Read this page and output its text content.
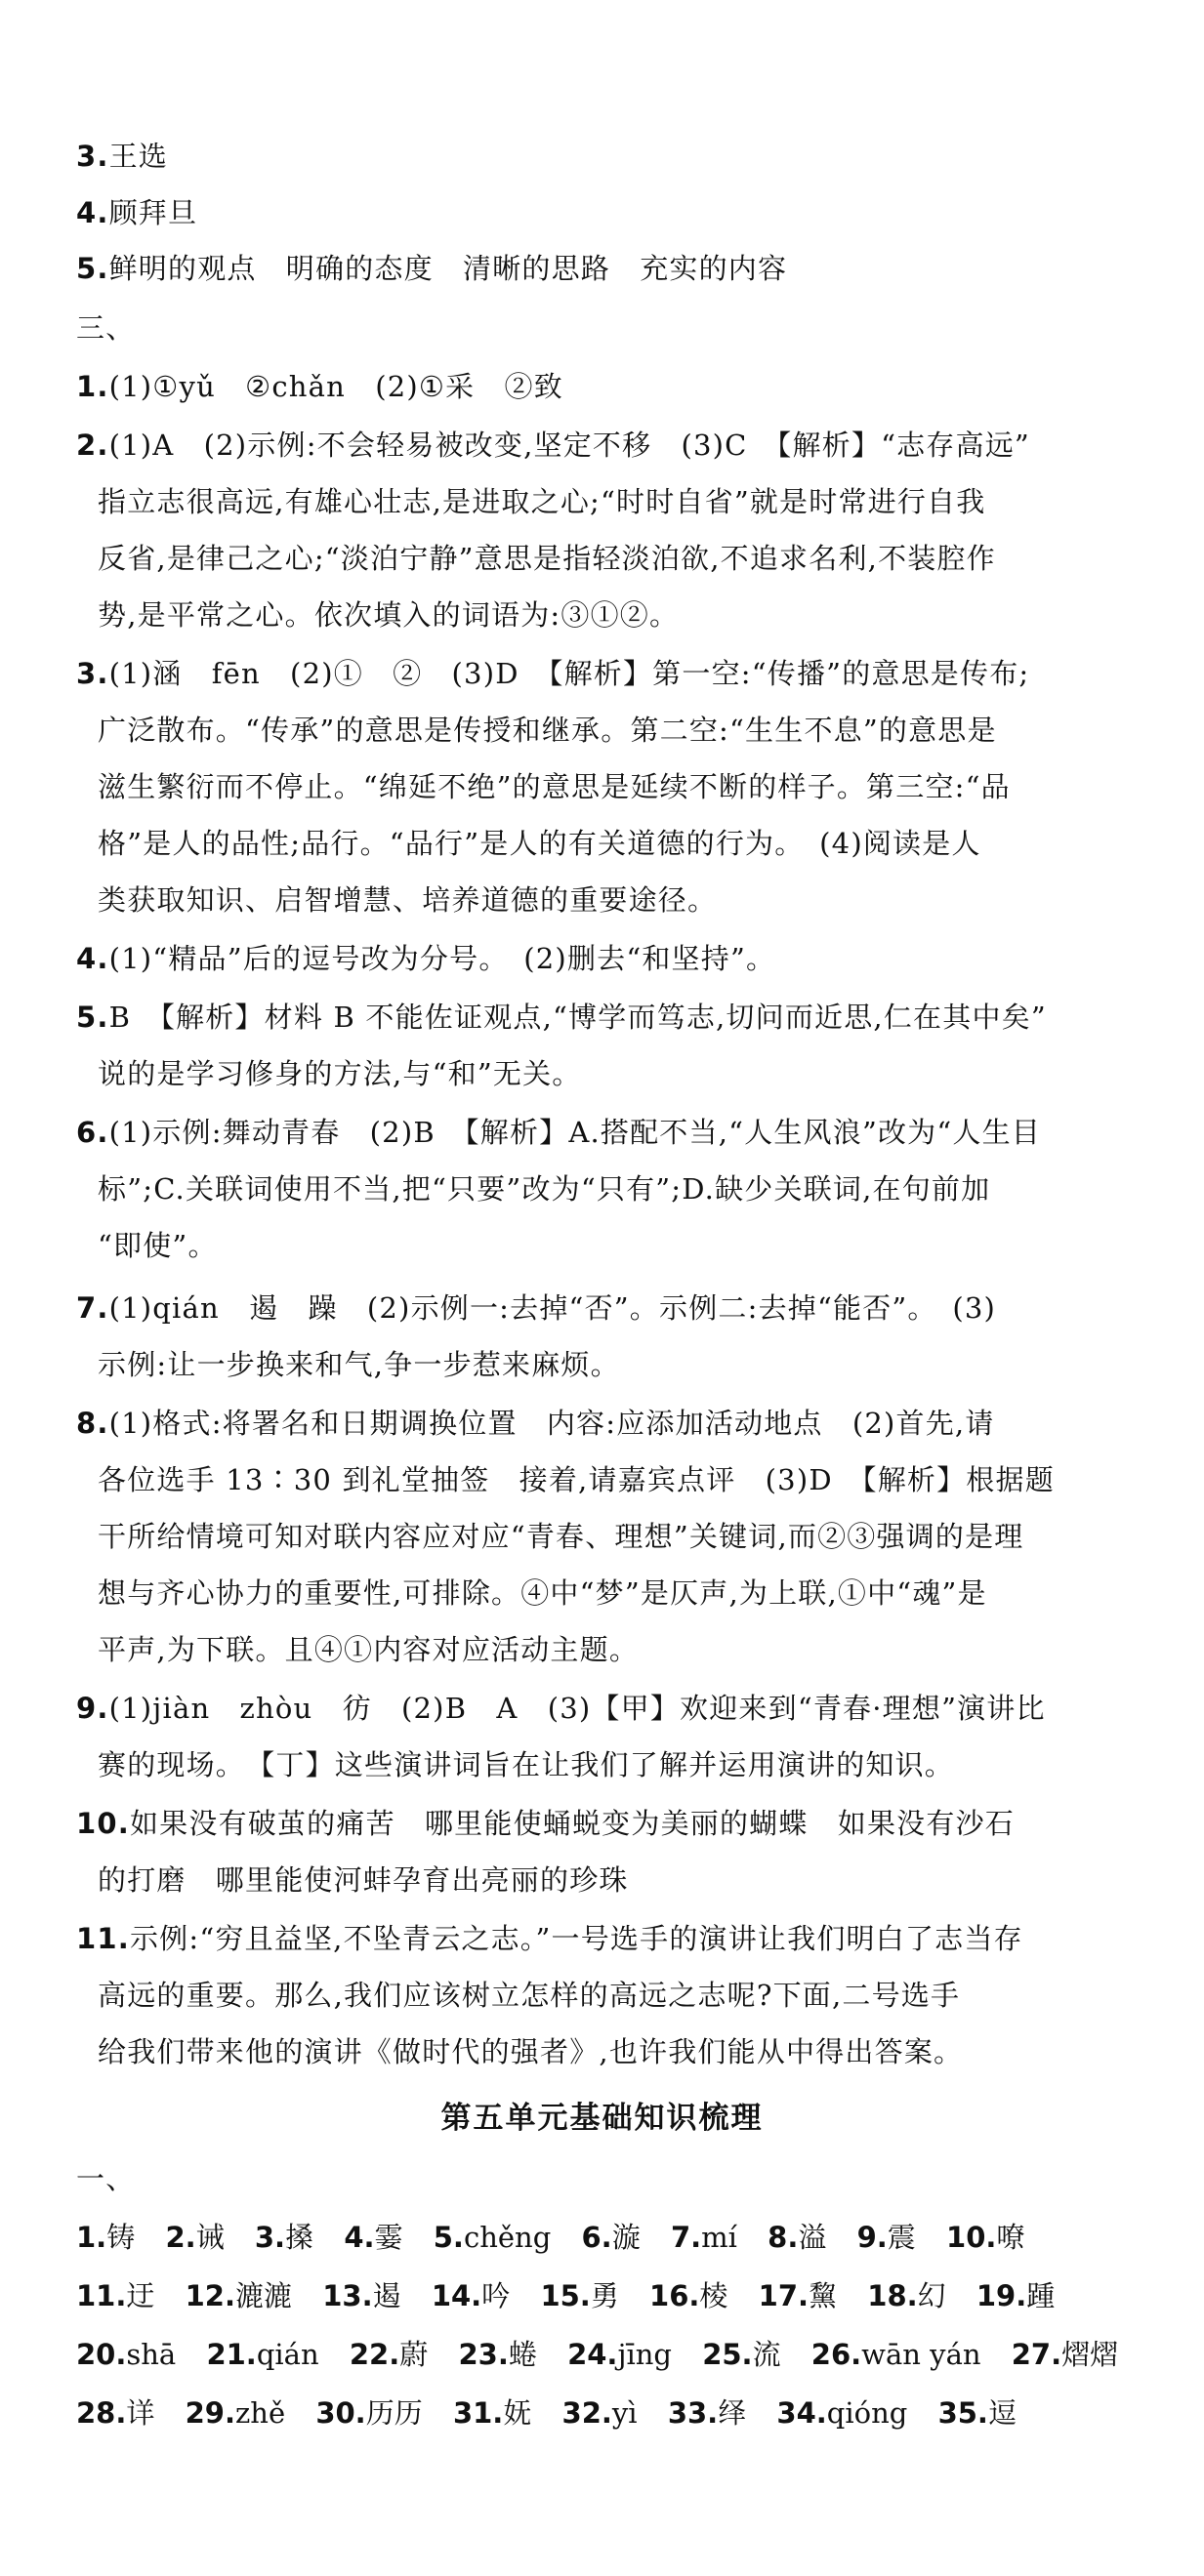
3.王选
4.顾拜旦
5.鲜明的观点　明确的态度　清晰的思路　充实的内容
三、
1.(1)①yǔ　②chǎn　(2)①采　②致
2.(1)A　(2)示例:不会轻易被改变,坚定不移　(3)C　【解析】“志存高远”
指立志很高远,有雄心壮志,是进取之心;“时时自省”就是时常进行自我
反省,是律己之心;“淡泊宁静”意思是指轻淡泊欲,不追求名利,不装腔作
势,是平常之心。依次填入的词语为:③①②。
3.(1)涵　fēn　(2)①　②　(3)D　【解析】第一空:“传播”的意思是传布;
广泛散布。“传承”的意思是传授和继承。第二空:“生生不息”的意思是
滋生繁衍而不停止。“绵延不绝”的意思是延续不断的样子。第三空:“品
格”是人的品性;品行。“品行”是人的有关道德的行为。　(4)阅读是人
类获取知识、启智增慧、培养道德的重要途径。
4.(1)“精品”后的逗号改为分号。　(2)删去“和坚持”。
5.B　【解析】材料 B 不能佐证观点,“博学而笃志,切问而近思,仁在其中矣”
说的是学习修身的方法,与“和”无关。
6.(1)示例:舞动青春　(2)B　【解析】A.搭配不当,“人生风浪”改为“人生目
标”;C.关联词使用不当,把“只要”改为“只有”;D.缺少关联词,在句前加
“即使”。
7.(1)qián　遏　躁　(2)示例一:去掉“否”。示例二:去掉“能否”。　(3)
示例:让一步换来和气,争一步惹来麻烦。
8.(1)格式:将署名和日期调换位置　内容:应添加活动地点　(2)首先,请
各位选手 13∶30 到礼堂抽签　接着,请嘉宾点评　(3)D　【解析】根据题
干所给情境可知对联内容应对应“青春、理想”关键词,而②③强调的是理
想与齐心协力的重要性,可排除。④中“梦”是仄声,为上联,①中“魂”是
平声,为下联。且④①内容对应活动主题。
9.(1)jiàn　zhòu　彷　(2)B　A　(3)【甲】欢迎来到“青春·理想”演讲比
赛的现场。　【丁】这些演讲词旨在让我们了解并运用演讲的知识。
10.如果没有破茧的痛苦　哪里能使蛹蜕变为美丽的蝴蝶　如果没有沙石
的打磨　哪里能使河蚌孕育出亮丽的珍珠
11.示例:“穷且益坚,不坠青云之志。”一号选手的演讲让我们明白了志当存
高远的重要。那么,我们应该树立怎样的高远之志呢?下面,二号选手
给我们带来他的演讲《做时代的强者》,也许我们能从中得出答案。
第五单元基础知识梳理
一、
1.铸 2.诫 3.搡 4.霎 5.chěng 6.漩 7.mí 8.溢 9.震 10.嘹
11.迂 12.漉漉 13.遏 14.吟 15.勇 16.棱 17.黧 18.幻 19.踵
20.shā 21.qián 22.蔚 23.蜷 24.jīng 25.流 26.wān yán 27.熠熠
28.详 29.zhě 30.历历 31.妩 32.yì 33.绎 34.qióng 35.逗
